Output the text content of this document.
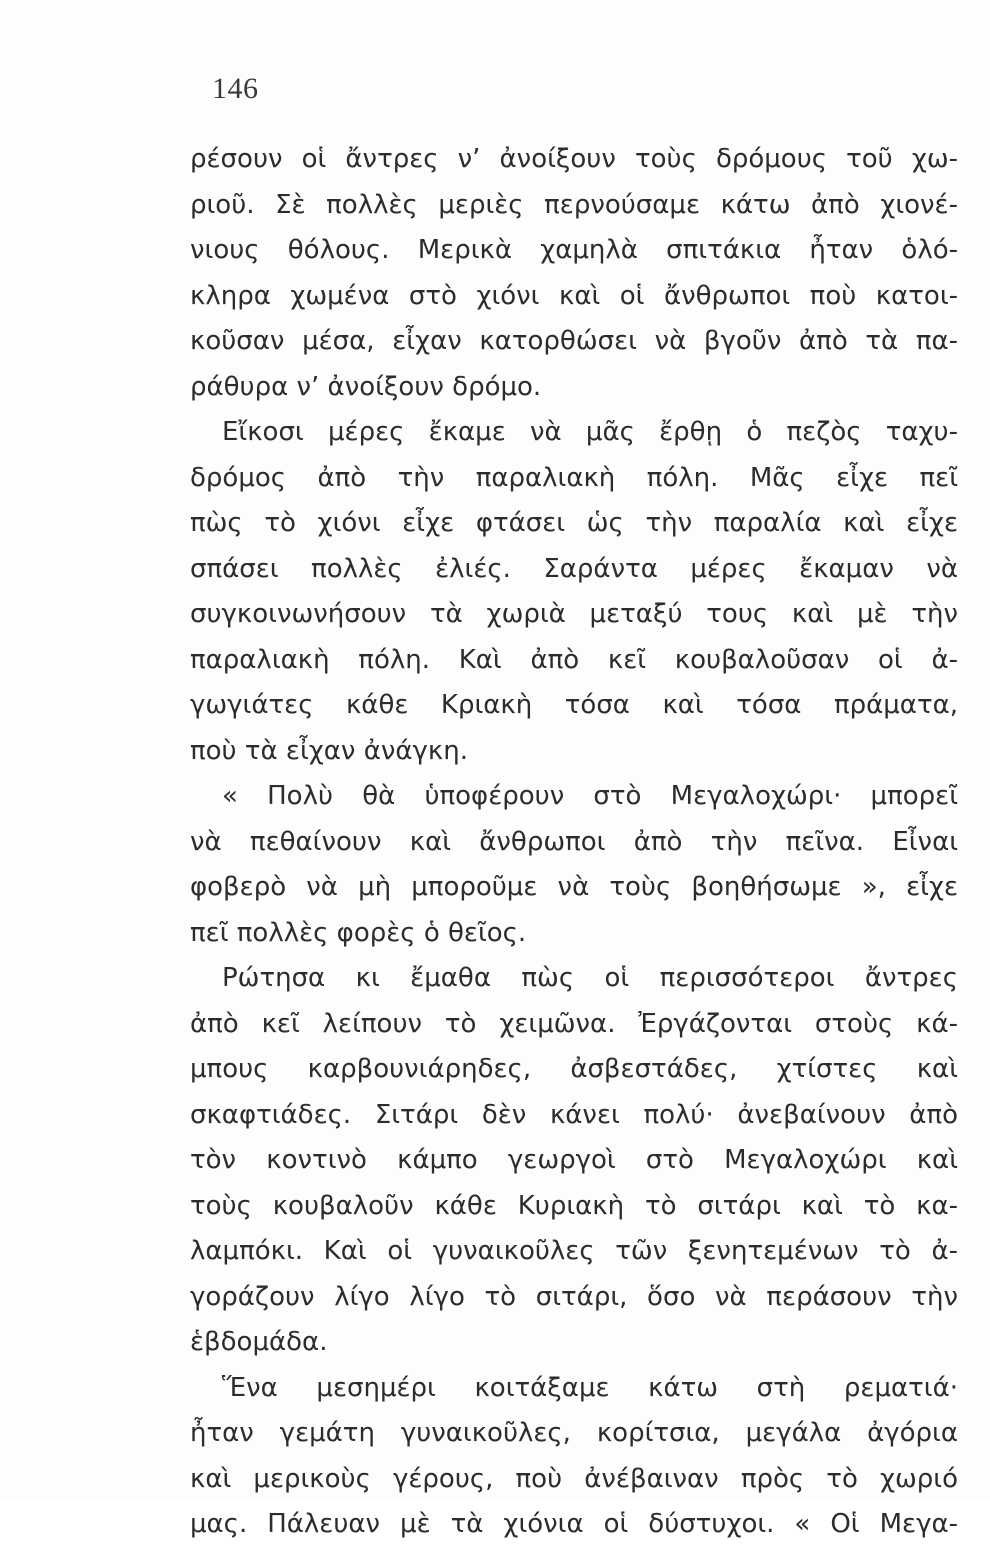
146
ρέσουν οἱ ἄντρες ν’ ἀνοίξουν τοὺς δρόμους τοῦ χω-
ριοῦ. Σὲ πολλὲς μεριὲς περνούσαμε κάτω ἀπὸ χιονέ-
νιους θόλους. Μερικὰ χαμηλὰ σπιτάκια ἦταν ὁλό-
κληρα χωμένα στὸ χιόνι καὶ οἱ ἄνθρωποι ποὺ κατοι-
κοῦσαν μέσα, εἶχαν κατορθώσει νὰ βγοῦν ἀπὸ τὰ πα-
ράθυρα ν’ ἀνοίξουν δρόμο.
Εἴκοσι μέρες ἔκαμε νὰ μᾶς ἔρθῃ ὁ πεζὸς ταχυ-
δρόμος ἀπὸ τὴν παραλιακὴ πόλη. Μᾶς εἶχε πεῖ
πὼς τὸ χιόνι εἶχε φτάσει ὡς τὴν παραλία καὶ εἶχε
σπάσει πολλὲς ἐλιές. Σαράντα μέρες ἔκαμαν νὰ
συγκοινωνήσουν τὰ χωριὰ μεταξύ τους καὶ μὲ τὴν
παραλιακὴ πόλη. Καὶ ἀπὸ κεῖ κουβαλοῦσαν οἱ ἀ-
γωγιάτες κάθε Κριακὴ τόσα καὶ τόσα πράματα,
ποὺ τὰ εἶχαν ἀνάγκη.
« Πολὺ θὰ ὑποφέρουν στὸ Μεγαλοχώρι· μπορεῖ
νὰ πεθαίνουν καὶ ἄνθρωποι ἀπὸ τὴν πεῖνα. Εἶναι
φοβερὸ νὰ μὴ μποροῦμε νὰ τοὺς βοηθήσωμε », εἶχε
πεῖ πολλὲς φορὲς ὁ θεῖος.
Ρώτησα κι ἔμαθα πὼς οἱ περισσότεροι ἄντρες
ἀπὸ κεῖ λείπουν τὸ χειμῶνα. Ἐργάζονται στοὺς κά-
μπους καρβουνιάρηδες, ἀσβεστάδες, χτίστες καὶ
σκαφτιάδες. Σιτάρι δὲν κάνει πολύ· ἀνεβαίνουν ἀπὸ
τὸν κοντινὸ κάμπο γεωργοὶ στὸ Μεγαλοχώρι καὶ
τοὺς κουβαλοῦν κάθε Κυριακὴ τὸ σιτάρι καὶ τὸ κα-
λαμπόκι. Καὶ οἱ γυναικοῦλες τῶν ξενητεμένων τὸ ἀ-
γοράζουν λίγο λίγο τὸ σιτάρι, ὅσο νὰ περάσουν τὴν
ἑβδομάδα.
Ἕνα μεσημέρι κοιτάξαμε κάτω στὴ ρεματιά·
ἦταν γεμάτη γυναικοῦλες, κορίτσια, μεγάλα ἀγόρια
καὶ μερικοὺς γέρους, ποὺ ἀνέβαιναν πρὸς τὸ χωριό
μας. Πάλευαν μὲ τὰ χιόνια οἱ δύστυχοι. « Οἱ Μεγα-
